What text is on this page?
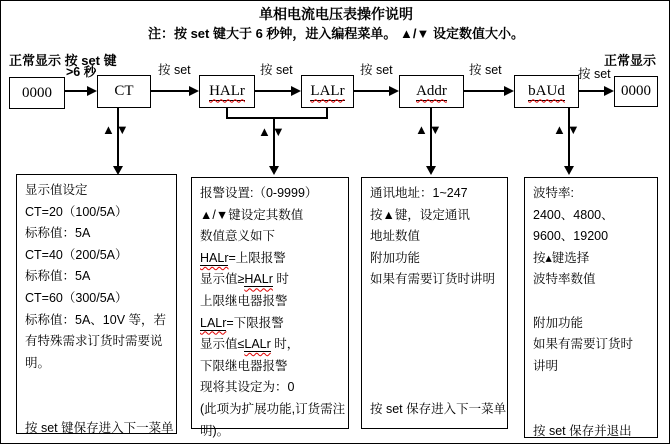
单相电流电压表操作说明
注：按 set 键大于 6 秒钟，进入编程菜单。 ▲/▼ 设定数值大小。
正常显示 按 set 键	正常显示
0000	CT	HALr	LALr	Addr	bAUd	0000
>6 秒	按 set	按 set	按 set	按 set	按 set
▲▼	▲▼	▲▼	▲▼
显示值设定
CT=20（100/5A）
标称值：5A
CT=40（200/5A）
标称值：5A
CT=60（300/5A）
标称值：5A、10V 等，若
有特殊需求订货时需要说
明。

按 set 键保存进入下一菜单
报警设置:（0-9999）
▲/▼键设定其数值
数值意义如下
HALr=上限报警
显示值≥HALr 时
上限继电器报警
LALr=下限报警
显示值≤LALr 时，
下限继电器报警
现将其设定为：0
(此项为扩展功能,订货需注
明)。
通讯地址：1~247
按▲键，设定通讯
地址数值
附加功能
如果有需要订货时讲明

按 set 保存进入下一菜单
波特率:
2400、4800、
9600、19200
按▴键选择
波特率数值

附加功能
如果有需要订货时
讲明

按 set 保存并退出
